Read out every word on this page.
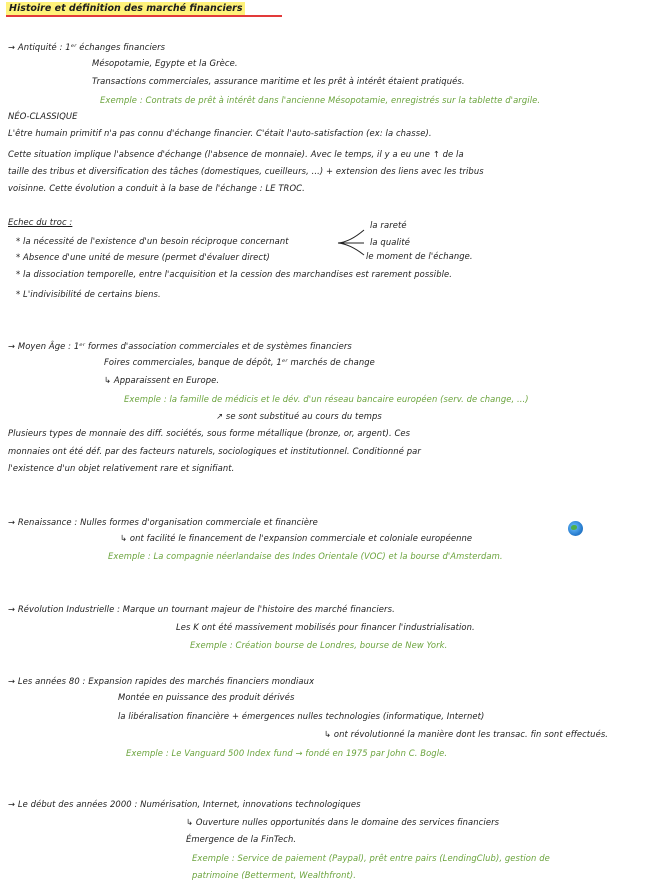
Histoire et définition des marché financiers
→ Antiquité : 1ᵉʳ échanges financiers
Mésopotamie, Egypte et la Grèce.
Transactions commerciales, assurance maritime et les prêt à intérêt étaient pratiqués.
Exemple : Contrats de prêt à intérêt dans l'ancienne Mésopotamie, enregistrés sur la tablette d'argile.
NÉO-CLASSIQUE
L'être humain primitif n'a pas connu d'échange financier. C'était l'auto-satisfaction (ex: la chasse).
Cette situation implique l'absence d'échange (l'absence de monnaie). Avec le temps, il y a eu une ↑ de la
taille des tribus et diversification des tâches (domestiques, cueilleurs, ...) + extension des liens avec les tribus
voisinne. Cette évolution a conduit à la base de l'échange : LE TROC.
Echec du troc :	la rareté
* la nécessité de l'existence d'un besoin réciproque concernant	la qualité
* Absence d'une unité de mesure (permet d'évaluer direct)	le moment de l'échange.
* la dissociation temporelle, entre l'acquisition et la cession des marchandises est rarement possible.
* L'indivisibilité de certains biens.
→ Moyen Âge : 1ᵉʳ formes d'association commerciales et de systèmes financiers
Foires commerciales, banque de dépôt, 1ᵉʳ marchés de change
↳ Apparaissent en Europe.
Exemple : la famille de médicis et le dév. d'un réseau bancaire européen (serv. de change, ...)
↗ se sont substitué au cours du temps
Plusieurs types de monnaie des diff. sociétés, sous forme métallique (bronze, or, argent). Ces
monnaies ont été déf. par des facteurs naturels, sociologiques et institutionnel. Conditionné par
l'existence d'un objet relativement rare et signifiant.
→ Renaissance : Nulles formes d'organisation commerciale et financière
↳ ont facilité le financement de l'expansion commerciale et coloniale européenne
Exemple : La compagnie néerlandaise des Indes Orientale (VOC) et la bourse d'Amsterdam.
→ Révolution Industrielle : Marque un tournant majeur de l'histoire des marché financiers.
Les K ont été massivement mobilisés pour financer l'industrialisation.
Exemple : Création bourse de Londres, bourse de New York.
→ Les années 80 : Expansion rapides des marchés financiers mondiaux
Montée en puissance des produit dérivés
la libéralisation financière + émergences nulles technologies (informatique, Internet)
↳ ont révolutionné la manière dont les transac. fin sont effectués.
Exemple : Le Vanguard 500 Index fund → fondé en 1975 par John C. Bogle.
→ Le début des années 2000 : Numérisation, Internet, innovations technologiques
↳ Ouverture nulles opportunités dans le domaine des services financiers
Émergence de la FinTech.
Exemple : Service de paiement (Paypal), prêt entre pairs (LendingClub), gestion de
patrimoine (Betterment, Wealthfront).
